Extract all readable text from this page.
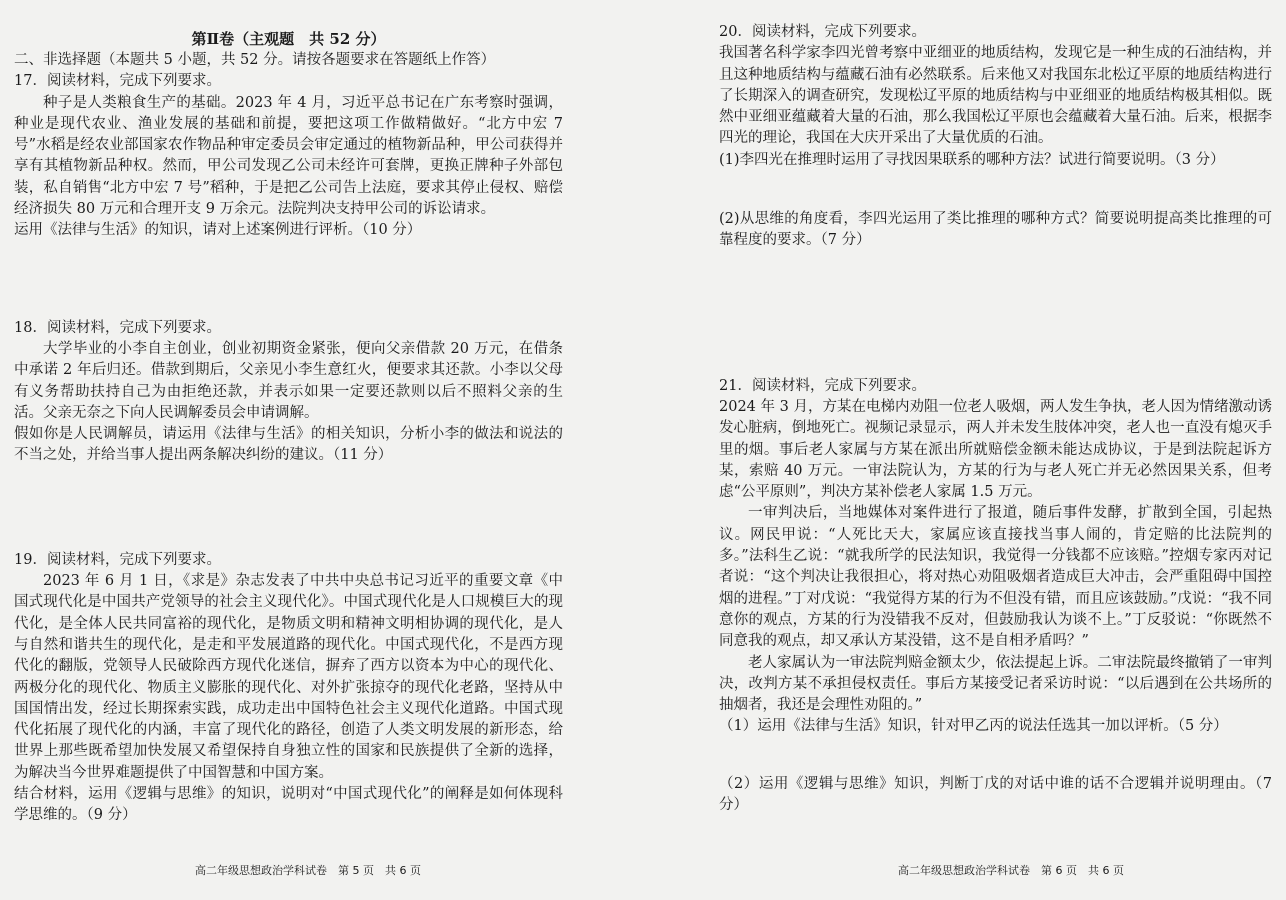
第Ⅱ卷（主观题　共 52 分）
二、非选择题（本题共 5 小题，共 52 分。请按各题要求在答题纸上作答）
17．阅读材料，完成下列要求。

种子是人类粮食生产的基础。2023 年 4 月，习近平总书记在广东考察时强调，种业是现代农业、渔业发展的基础和前提，要把这项工作做精做好。“北方中宏 7 号”水稻是经农业部国家农作物品种审定委员会审定通过的植物新品种，甲公司获得并享有其植物新品种权。然而，甲公司发现乙公司未经许可套牌，更换正牌种子外部包装，私自销售“北方中宏 7 号”稻种，于是把乙公司告上法庭，要求其停止侵权、赔偿经济损失 80 万元和合理开支 9 万余元。法院判决支持甲公司的诉讼请求。

运用《法律与生活》的知识，请对上述案例进行评析。（10 分）

18．阅读材料，完成下列要求。

大学毕业的小李自主创业，创业初期资金紧张，便向父亲借款 20 万元，在借条中承诺 2 年后归还。借款到期后，父亲见小李生意红火，便要求其还款。小李以父母有义务帮助扶持自己为由拒绝还款，并表示如果一定要还款则以后不照料父亲的生活。父亲无奈之下向人民调解委员会申请调解。

假如你是人民调解员，请运用《法律与生活》的相关知识，分析小李的做法和说法的不当之处，并给当事人提出两条解决纠纷的建议。（11 分）

19．阅读材料，完成下列要求。

2023 年 6 月 1 日，《求是》杂志发表了中共中央总书记习近平的重要文章《中国式现代化是中国共产党领导的社会主义现代化》。中国式现代化是人口规模巨大的现代化，是全体人民共同富裕的现代化，是物质文明和精神文明相协调的现代化，是人与自然和谐共生的现代化，是走和平发展道路的现代化。中国式现代化，不是西方现代化的翻版，党领导人民破除西方现代化迷信，摒弃了西方以资本为中心的现代化、两极分化的现代化、物质主义膨胀的现代化、对外扩张掠夺的现代化老路，坚持从中国国情出发，经过长期探索实践，成功走出中国特色社会主义现代化道路。中国式现代化拓展了现代化的内涵，丰富了现代化的路径，创造了人类文明发展的新形态，给世界上那些既希望加快发展又希望保持自身独立性的国家和民族提供了全新的选择，为解决当今世界难题提供了中国智慧和中国方案。

结合材料，运用《逻辑与思维》的知识，说明对“中国式现代化”的阐释是如何体现科学思维的。（9 分）

高二年级思想政治学科试卷　第 5 页　共 6 页
20．阅读材料，完成下列要求。

我国著名科学家李四光曾考察中亚细亚的地质结构，发现它是一种生成的石油结构，并且这种地质结构与蕴藏石油有必然联系。后来他又对我国东北松辽平原的地质结构进行了长期深入的调查研究，发现松辽平原的地质结构与中亚细亚的地质结构极其相似。既然中亚细亚蕴藏着大量的石油，那么我国松辽平原也会蕴藏着大量石油。后来，根据李四光的理论，我国在大庆开采出了大量优质的石油。

(1)李四光在推理时运用了寻找因果联系的哪种方法？试进行简要说明。（3 分）

(2)从思维的角度看，李四光运用了类比推理的哪种方式？简要说明提高类比推理的可靠程度的要求。（7 分）

21．阅读材料，完成下列要求。

2024 年 3 月，方某在电梯内劝阻一位老人吸烟，两人发生争执，老人因为情绪激动诱发心脏病，倒地死亡。视频记录显示，两人并未发生肢体冲突，老人也一直没有熄灭手里的烟。事后老人家属与方某在派出所就赔偿金额未能达成协议，于是到法院起诉方某，索赔 40 万元。一审法院认为，方某的行为与老人死亡并无必然因果关系，但考虑“公平原则”，判决方某补偿老人家属 1.5 万元。

一审判决后，当地媒体对案件进行了报道，随后事件发酵，扩散到全国，引起热议。网民甲说：“人死比天大，家属应该直接找当事人闹的，肯定赔的比法院判的多。”法科生乙说：“就我所学的民法知识，我觉得一分钱都不应该赔。”控烟专家丙对记者说：“这个判决让我很担心，将对热心劝阻吸烟者造成巨大冲击，会严重阻碍中国控烟的进程。”丁对戊说：“我觉得方某的行为不但没有错，而且应该鼓励。”戊说：“我不同意你的观点，方某的行为没错我不反对，但鼓励我认为谈不上。”丁反驳说：“你既然不同意我的观点，却又承认方某没错，这不是自相矛盾吗？”

老人家属认为一审法院判赔金额太少，依法提起上诉。二审法院最终撤销了一审判决，改判方某不承担侵权责任。事后方某接受记者采访时说：“以后遇到在公共场所的抽烟者，我还是会理性劝阻的。”

（1）运用《法律与生活》知识，针对甲乙丙的说法任选其一加以评析。（5 分）

（2）运用《逻辑与思维》知识，判断丁戊的对话中谁的话不合逻辑并说明理由。（7 分）

高二年级思想政治学科试卷　第 6 页　共 6 页
